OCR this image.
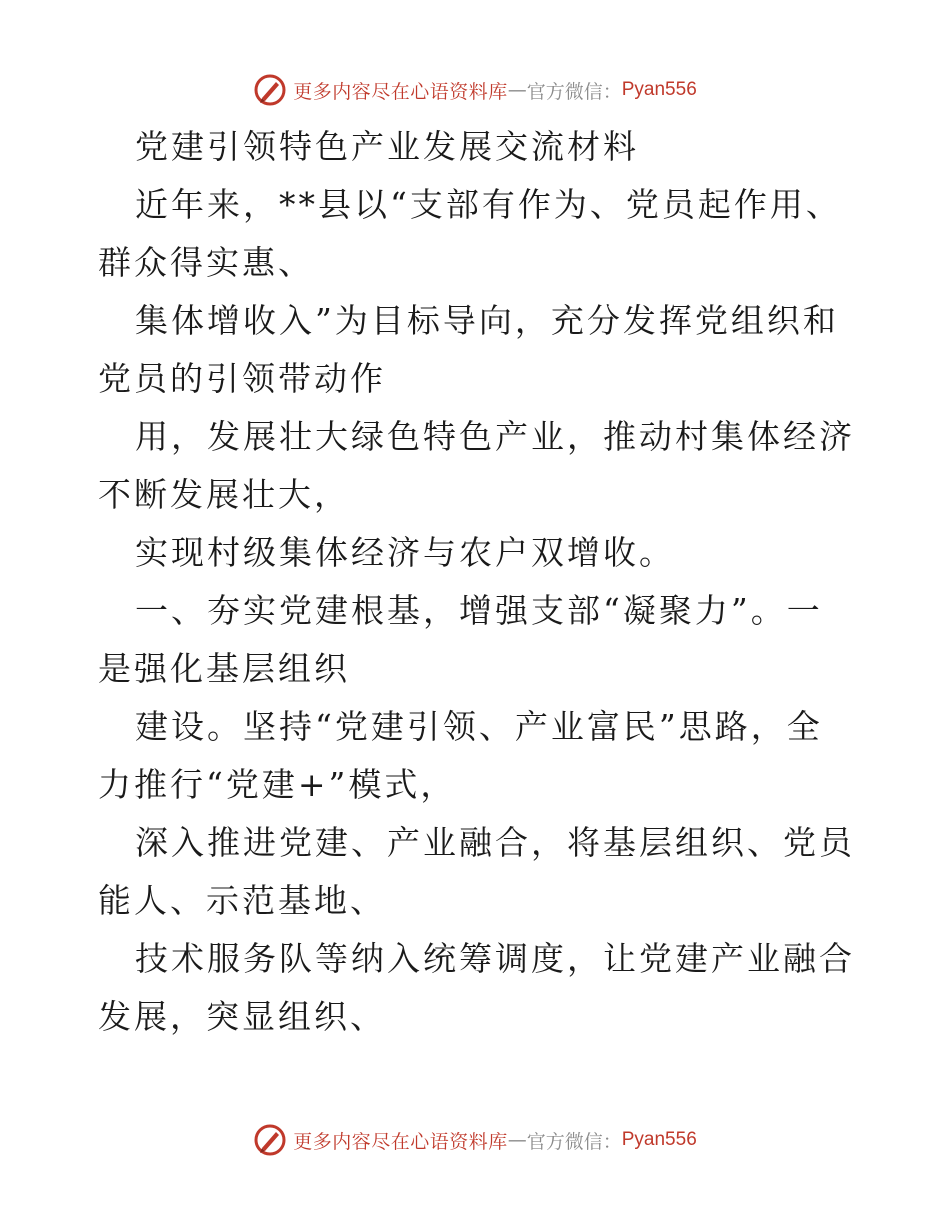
更多内容尽在心语资料库 — 官方微信： Pyan556

党建引领特色产业发展交流材料

近年来，**县以“支部有作为、党员起作用、群众得实惠、

集体增收入”为目标导向，充分发挥党组织和党员的引领带动作

用，发展壮大绿色特色产业，推动村集体经济不断发展壮大，

实现村级集体经济与农户双增收。

一、夯实党建根基，增强支部“凝聚力”。一是强化基层组织

建设。坚持“党建引领、产业富民”思路，全力推行“党建+”模式，

深入推进党建、产业融合，将基层组织、党员能人、示范基地、

技术服务队等纳入统筹调度，让党建产业融合发展，突显组织、

更多内容尽在心语资料库 — 官方微信： Pyan556
